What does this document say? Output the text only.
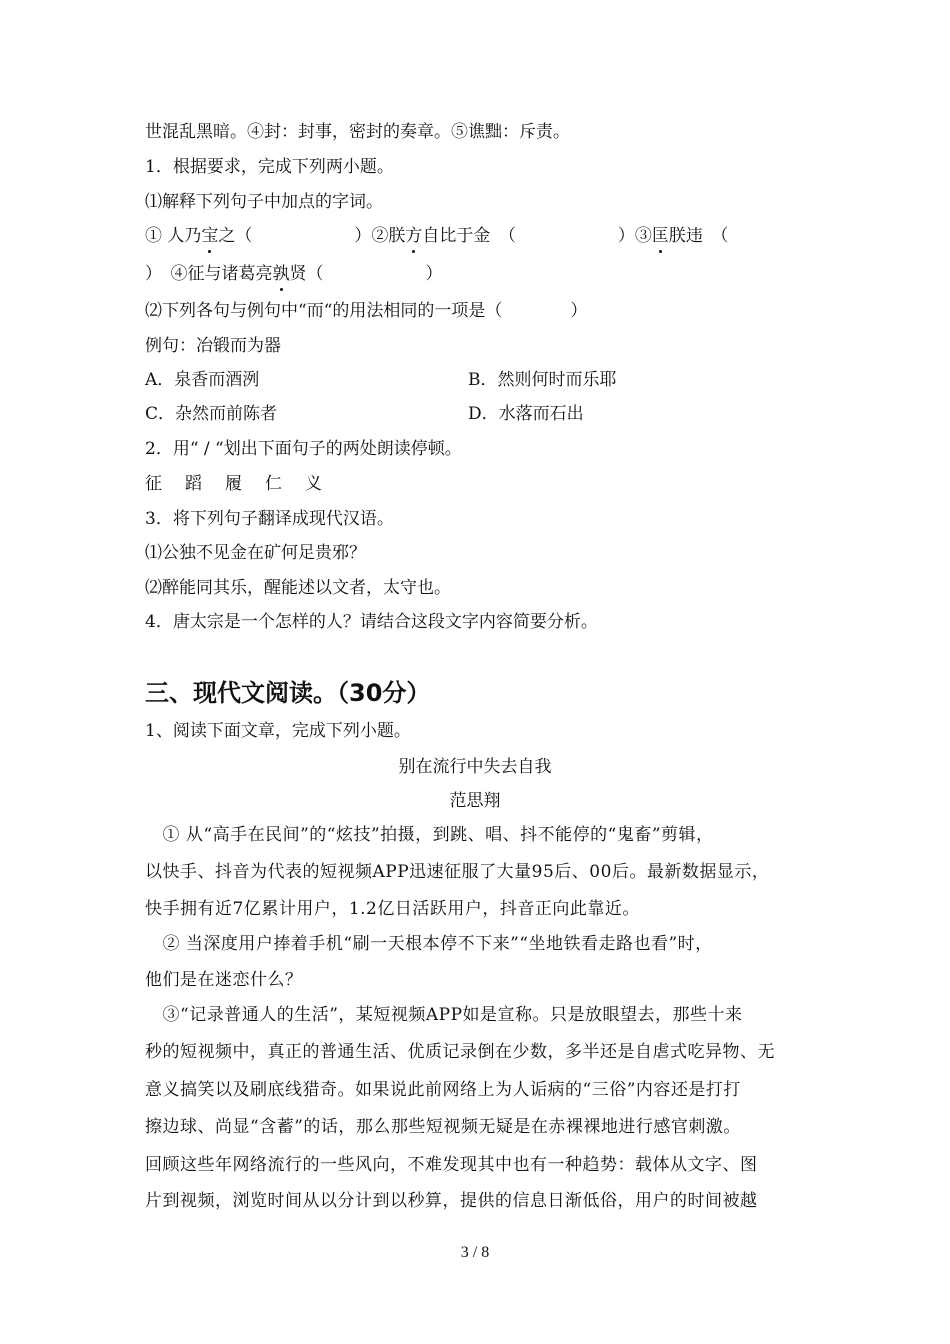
世混乱黑暗。④封：封事，密封的奏章。⑤谯黜：斥责。
1．根据要求，完成下列两小题。
⑴解释下列句子中加点的字词。
① 人乃宝之（　　　　　　）②朕方自比于金　（　　　　　　）③匡朕违　（
）　④征与诸葛亮孰贤（　　　　　　）
⑵下列各句与例句中“而“的用法相同的一项是（　　　　）
例句：冶锻而为器
A．泉香而酒洌	B．然则何时而乐耶
C．杂然而前陈者	D．水落而石出
2．用“ / “划出下面句子的两处朗读停顿。
征 蹈 履 仁 义
3．将下列句子翻译成现代汉语。
⑴公独不见金在矿何足贵邪？
⑵醉能同其乐，醒能述以文者，太守也。
4．唐太宗是一个怎样的人？请结合这段文字内容简要分析。
三、现代文阅读。（30分）
1、阅读下面文章，完成下列小题。
别在流行中失去自我
范思翔
　① 从“高手在民间”的“炫技”拍摄，到跳、唱、抖不能停的“鬼畜”剪辑，
以快手、抖音为代表的短视频APP迅速征服了大量95后、00后。最新数据显示，
快手拥有近7亿累计用户，1.2亿日活跃用户，抖音正向此靠近。
　② 当深度用户捧着手机“刷一天根本停不下来”“坐地铁看走路也看”时，
他们是在迷恋什么？
　③“记录普通人的生活”，某短视频APP如是宣称。只是放眼望去，那些十来
秒的短视频中，真正的普通生活、优质记录倒在少数，多半还是自虐式吃异物、无
意义搞笑以及刷底线猎奇。如果说此前网络上为人诟病的“三俗”内容还是打打
擦边球、尚显“含蓄”的话，那么那些短视频无疑是在赤裸裸地进行感官刺激。
回顾这些年网络流行的一些风向，不难发现其中也有一种趋势：载体从文字、图
片到视频，浏览时间从以分计到以秒算，提供的信息日渐低俗，用户的时间被越
3 / 8
